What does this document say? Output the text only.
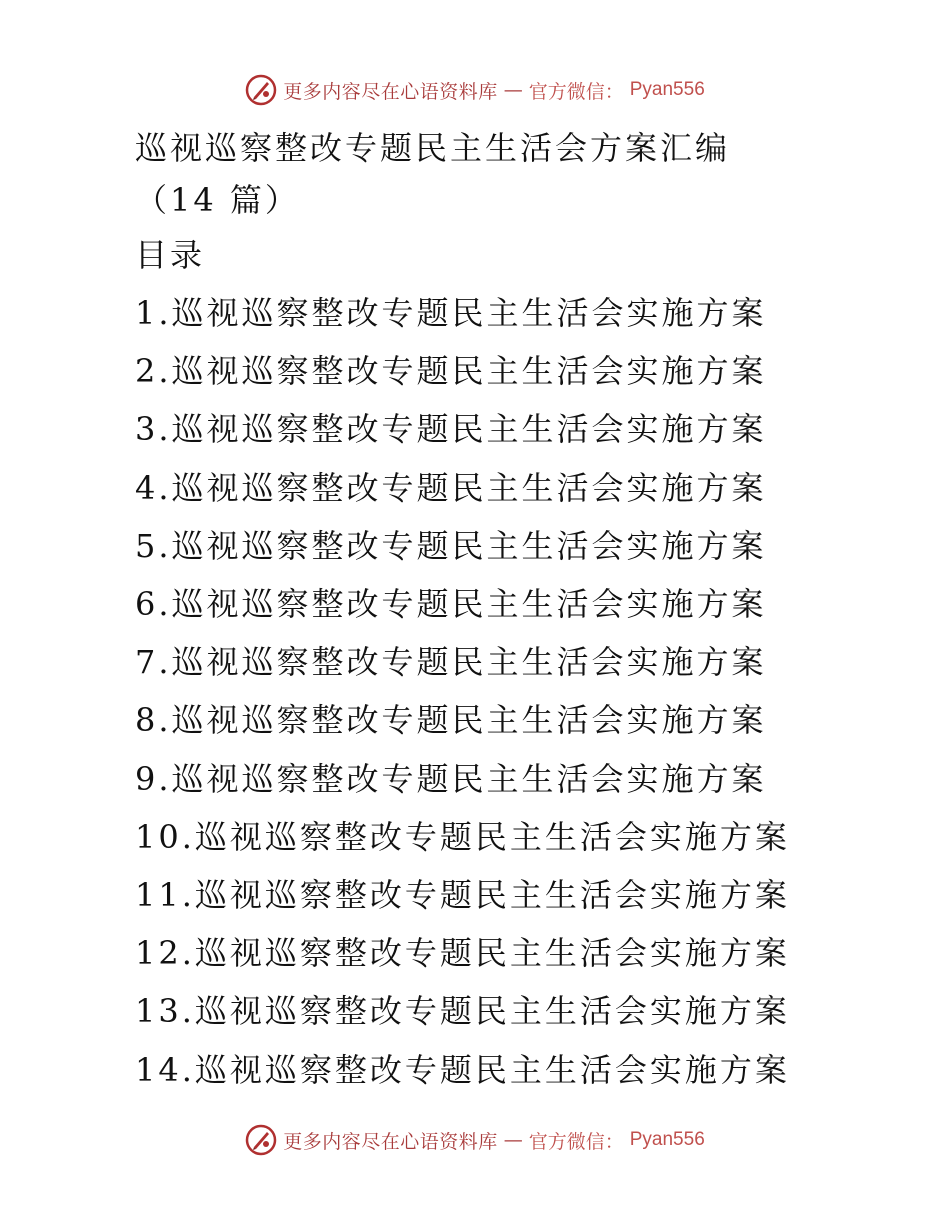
更多内容尽在心语资料库 — 官方微信： Pyan556

巡视巡察整改专题民主生活会方案汇编

（14 篇）

目录

1.巡视巡察整改专题民主生活会实施方案
2.巡视巡察整改专题民主生活会实施方案
3.巡视巡察整改专题民主生活会实施方案
4.巡视巡察整改专题民主生活会实施方案
5.巡视巡察整改专题民主生活会实施方案
6.巡视巡察整改专题民主生活会实施方案
7.巡视巡察整改专题民主生活会实施方案
8.巡视巡察整改专题民主生活会实施方案
9.巡视巡察整改专题民主生活会实施方案
10.巡视巡察整改专题民主生活会实施方案
11.巡视巡察整改专题民主生活会实施方案
12.巡视巡察整改专题民主生活会实施方案
13.巡视巡察整改专题民主生活会实施方案
14.巡视巡察整改专题民主生活会实施方案
更多内容尽在心语资料库 — 官方微信： Pyan556
